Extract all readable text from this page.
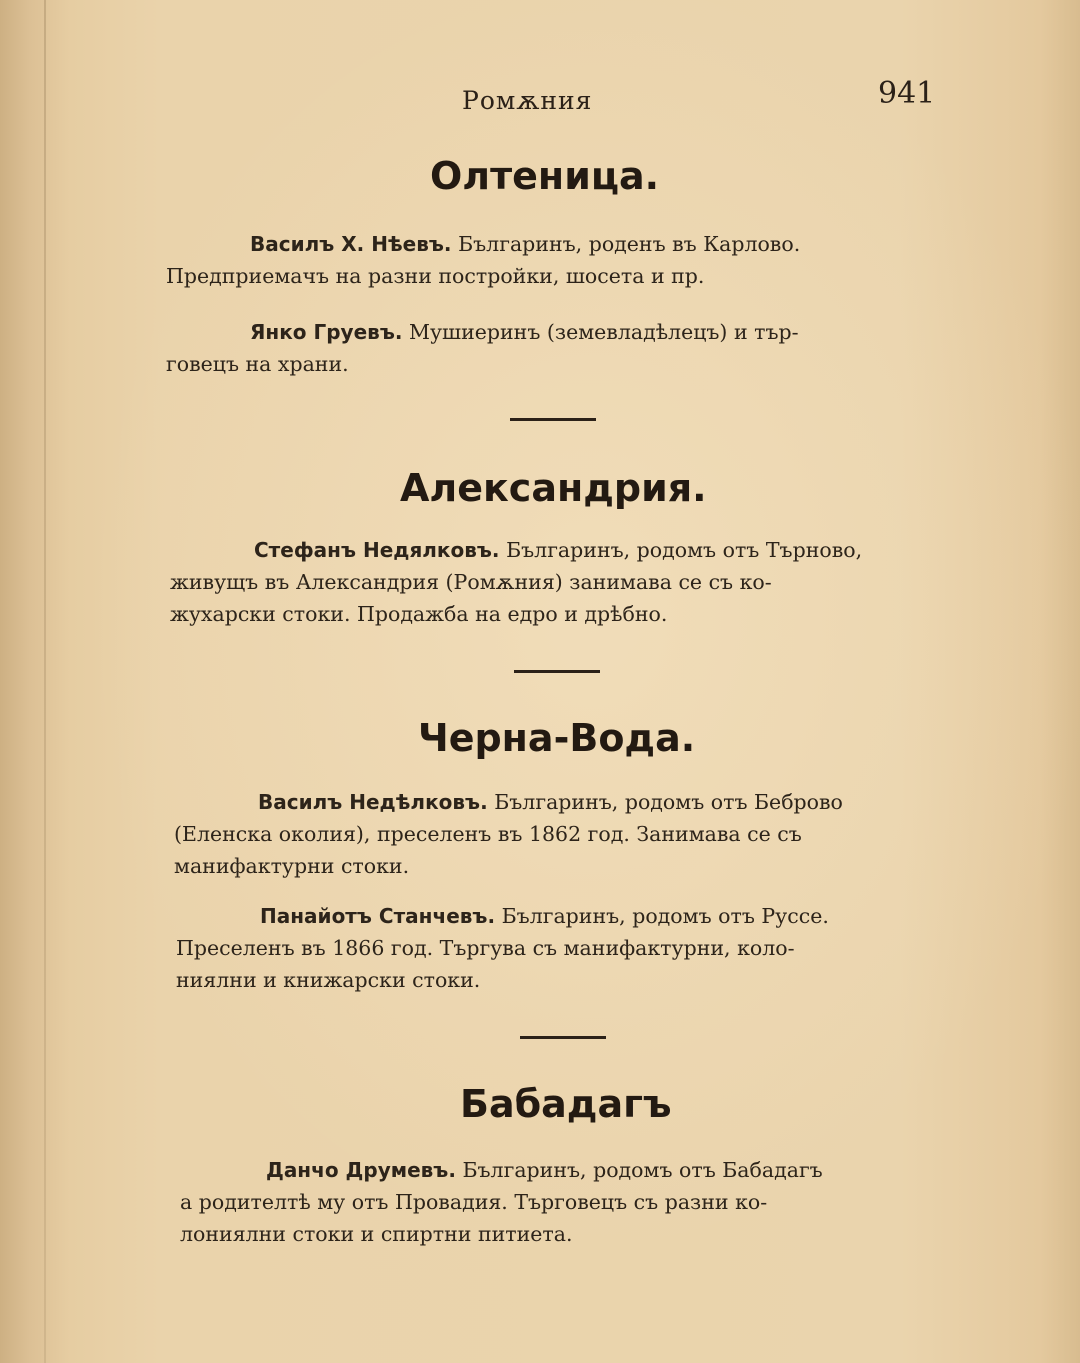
Ромѫния	941
Олтеница.
Василъ Х. Нѣевъ. Българинъ, роденъ въ Карлово.
Предприемачъ на разни постройки, шосета и пр.
Янко Груевъ. Мушиеринъ (земевладѣлецъ) и тър-
говецъ на храни.
Александрия.
Стефанъ Недялковъ. Българинъ, родомъ отъ Търново,
живущъ въ Александрия (Ромѫния) занимава се съ ко-
жухарски стоки. Продажба на едро и дрѣбно.
Черна-Вода.
Василъ Недѣлковъ. Българинъ, родомъ отъ Беброво
(Еленска околия), преселенъ въ 1862 год. Занимава се съ
манифактурни стоки.
Панайотъ Станчевъ. Българинъ, родомъ отъ Руссе.
Преселенъ въ 1866 год. Търгува съ манифактурни, коло-
ниялни и книжарски стоки.
Бабадагъ
Данчо Друмевъ. Българинъ, родомъ отъ Бабадагъ
а родителтѣ му отъ Провадия. Търговецъ съ разни ко-
лониялни стоки и спиртни питиета.
